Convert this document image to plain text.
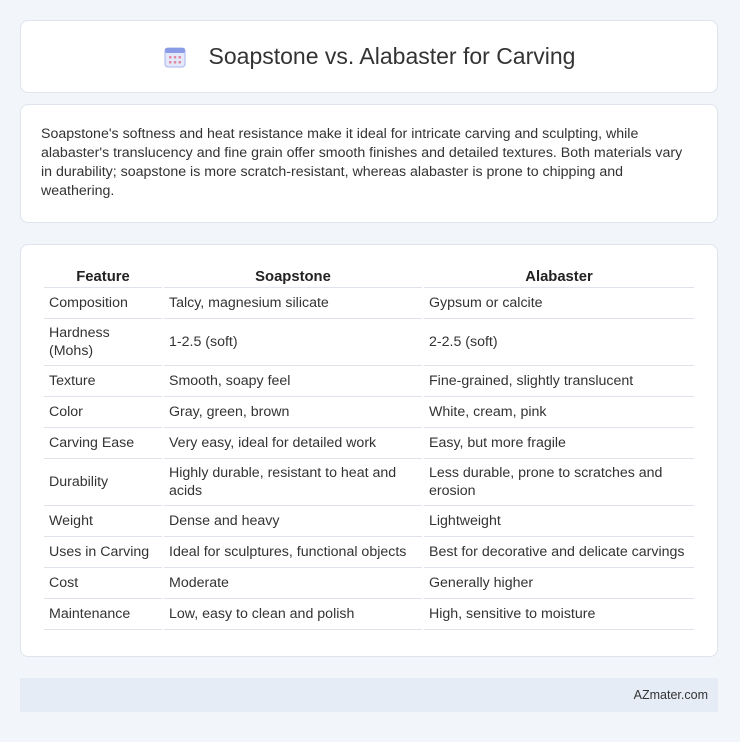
Soapstone vs. Alabaster for Carving

Soapstone's softness and heat resistance make it ideal for intricate carving and sculpting, while alabaster's translucency and fine grain offer smooth finishes and detailed textures. Both materials vary in durability; soapstone is more scratch-resistant, whereas alabaster is prone to chipping and weathering.

Feature	Soapstone	Alabaster
Composition	Talcy, magnesium silicate	Gypsum or calcite
Hardness (Mohs)	1-2.5 (soft)	2-2.5 (soft)
Texture	Smooth, soapy feel	Fine-grained, slightly translucent
Color	Gray, green, brown	White, cream, pink
Carving Ease	Very easy, ideal for detailed work	Easy, but more fragile
Durability	Highly durable, resistant to heat and acids	Less durable, prone to scratches and erosion
Weight	Dense and heavy	Lightweight
Uses in Carving	Ideal for sculptures, functional objects	Best for decorative and delicate carvings
Cost	Moderate	Generally higher
Maintenance	Low, easy to clean and polish	High, sensitive to moisture
AZmater.com
